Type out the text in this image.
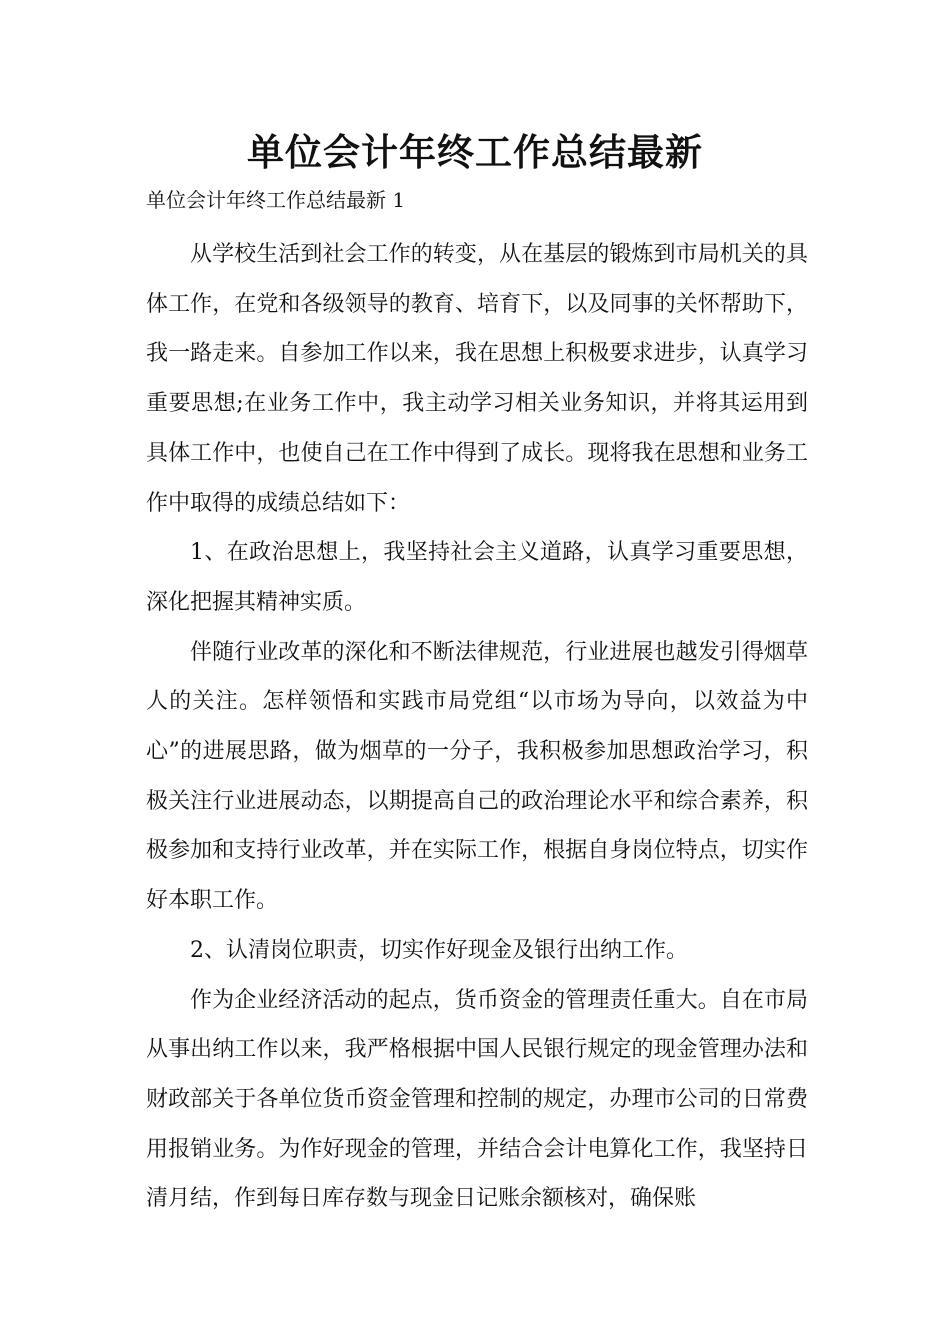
单位会计年终工作总结最新

单位会计年终工作总结最新 1

从学校生活到社会工作的转变，从在基层的锻炼到市局机关的具体工作，在党和各级领导的教育、培育下，以及同事的关怀帮助下，我一路走来。自参加工作以来，我在思想上积极要求进步，认真学习重要思想;在业务工作中，我主动学习相关业务知识，并将其运用到具体工作中，也使自己在工作中得到了成长。现将我在思想和业务工作中取得的成绩总结如下：

1、在政治思想上，我坚持社会主义道路，认真学习重要思想，深化把握其精神实质。

伴随行业改革的深化和不断法律规范，行业进展也越发引得烟草人的关注。怎样领悟和实践市局党组“以市场为导向，以效益为中心”的进展思路，做为烟草的一分子，我积极参加思想政治学习，积极关注行业进展动态，以期提高自己的政治理论水平和综合素养，积极参加和支持行业改革，并在实际工作，根据自身岗位特点，切实作好本职工作。

2、认清岗位职责，切实作好现金及银行出纳工作。

作为企业经济活动的起点，货币资金的管理责任重大。自在市局从事出纳工作以来，我严格根据中国人民银行规定的现金管理办法和财政部关于各单位货币资金管理和控制的规定，办理市公司的日常费用报销业务。为作好现金的管理，并结合会计电算化工作，我坚持日清月结，作到每日库存数与现金日记账余额核对，确保账
